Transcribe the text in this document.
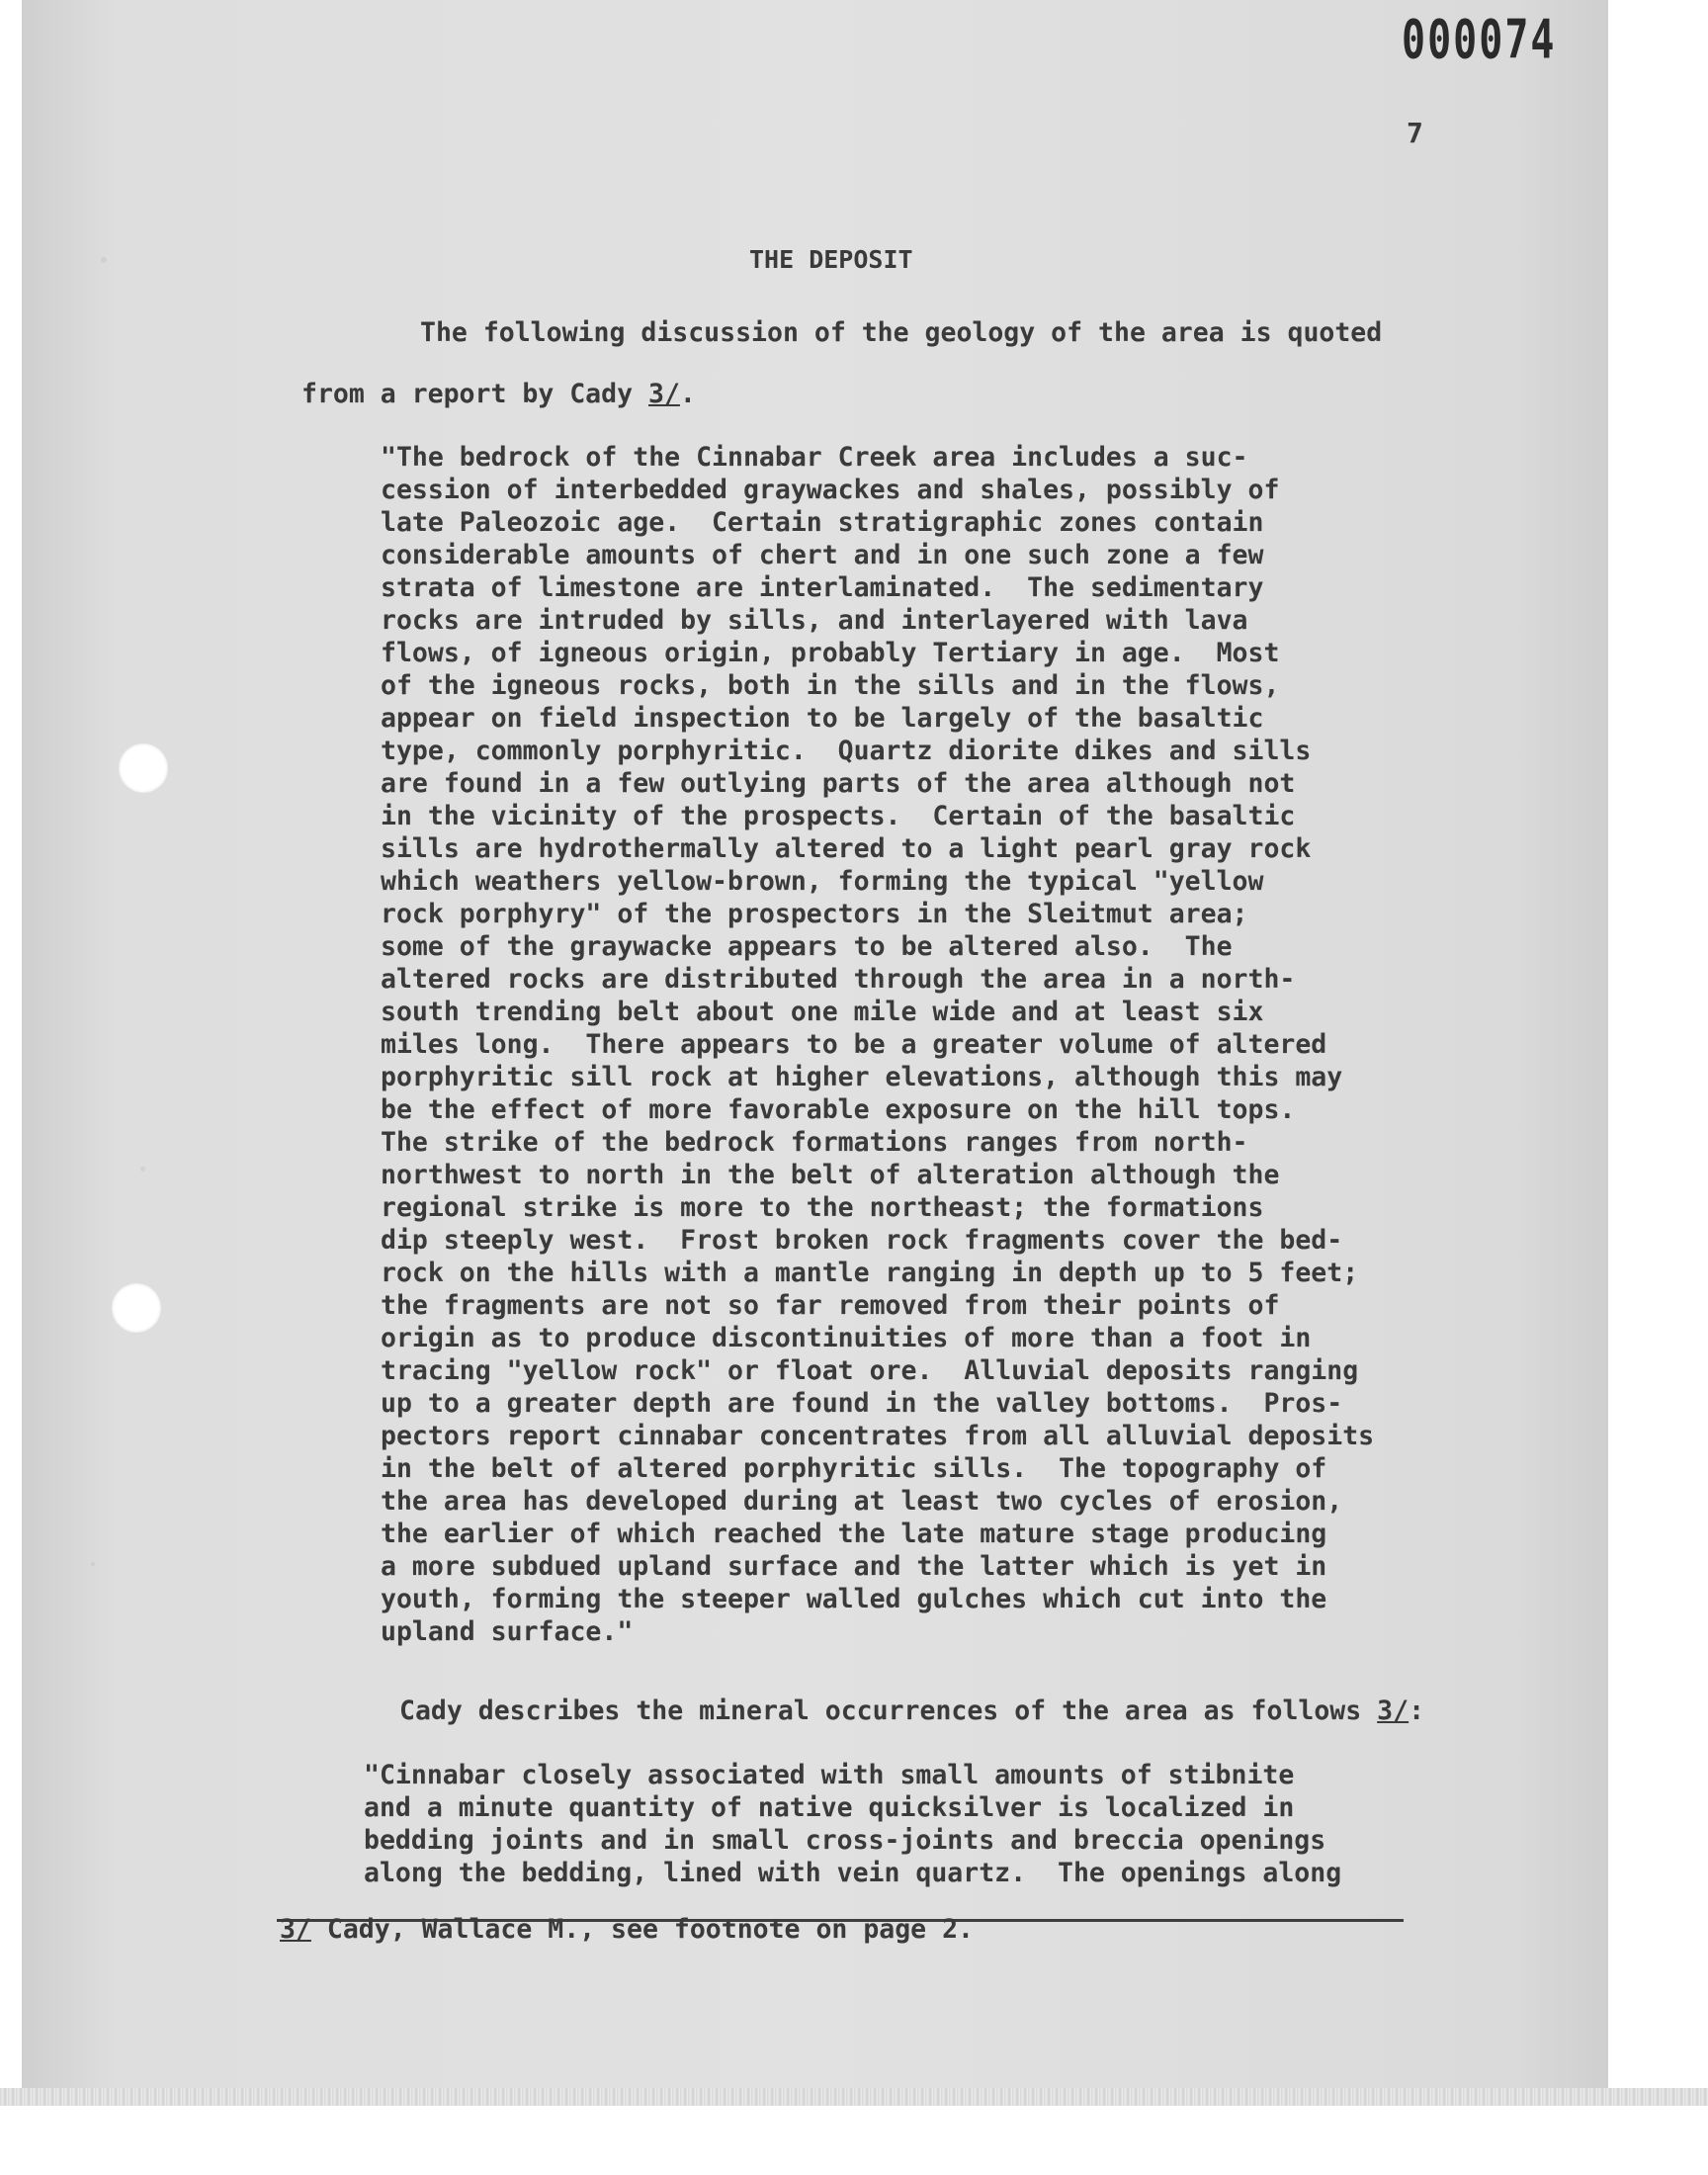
000074
7
THE DEPOSIT
The following discussion of the geology of the area is quoted
from a report by Cady 3/.
"The bedrock of the Cinnabar Creek area includes a suc-
cession of interbedded graywackes and shales, possibly of
late Paleozoic age.  Certain stratigraphic zones contain
considerable amounts of chert and in one such zone a few
strata of limestone are interlaminated.  The sedimentary
rocks are intruded by sills, and interlayered with lava
flows, of igneous origin, probably Tertiary in age.  Most
of the igneous rocks, both in the sills and in the flows,
appear on field inspection to be largely of the basaltic
type, commonly porphyritic.  Quartz diorite dikes and sills
are found in a few outlying parts of the area although not
in the vicinity of the prospects.  Certain of the basaltic
sills are hydrothermally altered to a light pearl gray rock
which weathers yellow-brown, forming the typical "yellow
rock porphyry" of the prospectors in the Sleitmut area;
some of the graywacke appears to be altered also.  The
altered rocks are distributed through the area in a north-
south trending belt about one mile wide and at least six
miles long.  There appears to be a greater volume of altered
porphyritic sill rock at higher elevations, although this may
be the effect of more favorable exposure on the hill tops.
The strike of the bedrock formations ranges from north-
northwest to north in the belt of alteration although the
regional strike is more to the northeast; the formations
dip steeply west.  Frost broken rock fragments cover the bed-
rock on the hills with a mantle ranging in depth up to 5 feet;
the fragments are not so far removed from their points of
origin as to produce discontinuities of more than a foot in
tracing "yellow rock" or float ore.  Alluvial deposits ranging
up to a greater depth are found in the valley bottoms.  Pros-
pectors report cinnabar concentrates from all alluvial deposits
in the belt of altered porphyritic sills.  The topography of
the area has developed during at least two cycles of erosion,
the earlier of which reached the late mature stage producing
a more subdued upland surface and the latter which is yet in
youth, forming the steeper walled gulches which cut into the
upland surface."
Cady describes the mineral occurrences of the area as follows 3/:
"Cinnabar closely associated with small amounts of stibnite
and a minute quantity of native quicksilver is localized in
bedding joints and in small cross-joints and breccia openings
along the bedding, lined with vein quartz.  The openings along
3/ Cady, Wallace M., see footnote on page 2.
